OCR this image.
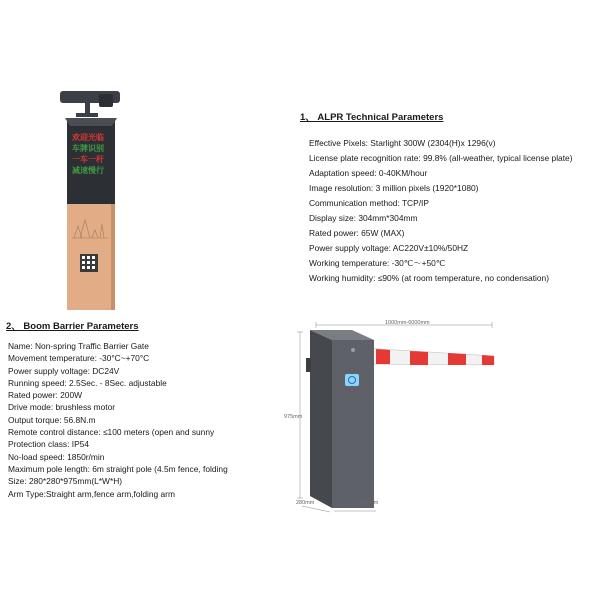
欢迎光临
车牌识别
一车一杆
减速慢行
1、 ALPR Technical Parameters
Effective Pixels: Starlight 300W (2304(H)x 1296(v)
License plate recognition rate: 99.8% (all-weather, typical license plate)
Adaptation speed: 0-40KM/hour
Image resolution: 3 million pixels (1920*1080)
Communication method: TCP/IP
Display size: 304mm*304mm
Rated power: 65W (MAX)
Power supply voltage: AC220V±10%/50HZ
Working temperature: -30℃～+50℃
Working humidity: ≤90% (at room temperature, no condensation)
2、 Boom Barrier Parameters
Name: Non-spring Traffic Barrier Gate
Movement temperature: -30°C~+70°C
Power supply voltage: DC24V
Running speed: 2.5Sec. - 8Sec. adjustable
Rated power: 200W
Drive mode: brushless motor
Output torque: 56.8N.m
Remote control distance: ≤100 meters (open and sunny
Protection class: IP54
No-load speed: 1850r/min
Maximum pole length: 6m straight pole (4.5m fence, folding
Size: 280*280*975mm(L*W*H)
Arm Type:Straight arm,fence arm,folding arm
1000mm-6000mm
975mm
280mm	280mm
